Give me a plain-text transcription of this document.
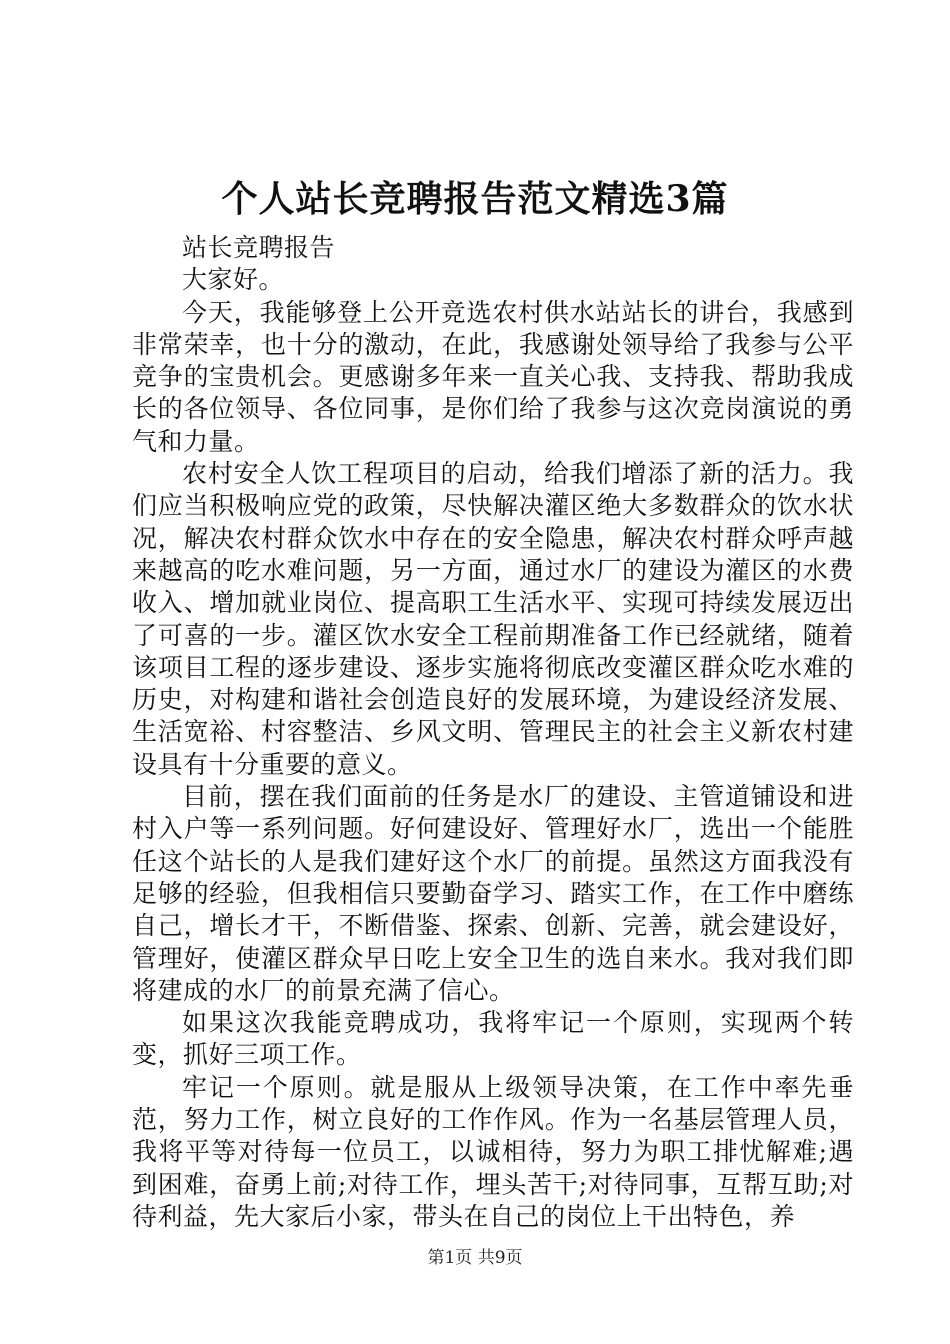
个人站长竞聘报告范文精选3篇

站长竞聘报告

大家好。

今天，我能够登上公开竞选农村供水站站长的讲台，我感到非常荣幸，也十分的激动，在此，我感谢处领导给了我参与公平竞争的宝贵机会。更感谢多年来一直关心我、支持我、帮助我成长的各位领导、各位同事，是你们给了我参与这次竞岗演说的勇气和力量。

农村安全人饮工程项目的启动，给我们增添了新的活力。我们应当积极响应党的政策，尽快解决灌区绝大多数群众的饮水状况，解决农村群众饮水中存在的安全隐患，解决农村群众呼声越来越高的吃水难问题，另一方面，通过水厂的建设为灌区的水费收入、增加就业岗位、提高职工生活水平、实现可持续发展迈出了可喜的一步。灌区饮水安全工程前期准备工作已经就绪，随着该项目工程的逐步建设、逐步实施将彻底改变灌区群众吃水难的历史，对构建和谐社会创造良好的发展环境，为建设经济发展、生活宽裕、村容整洁、乡风文明、管理民主的社会主义新农村建设具有十分重要的意义。

目前，摆在我们面前的任务是水厂的建设、主管道铺设和进村入户等一系列问题。好何建设好、管理好水厂，选出一个能胜任这个站长的人是我们建好这个水厂的前提。虽然这方面我没有足够的经验，但我相信只要勤奋学习、踏实工作，在工作中磨练自己，增长才干，不断借鉴、探索、创新、完善，就会建设好，管理好，使灌区群众早日吃上安全卫生的选自来水。我对我们即将建成的水厂的前景充满了信心。

如果这次我能竞聘成功，我将牢记一个原则，实现两个转变，抓好三项工作。

牢记一个原则。就是服从上级领导决策，在工作中率先垂范，努力工作，树立良好的工作作风。作为一名基层管理人员，我将平等对待每一位员工，以诚相待，努力为职工排忧解难;遇到困难，奋勇上前;对待工作，埋头苦干;对待同事，互帮互助;对待利益，先大家后小家，带头在自己的岗位上干出特色，养

第1页 共9页
